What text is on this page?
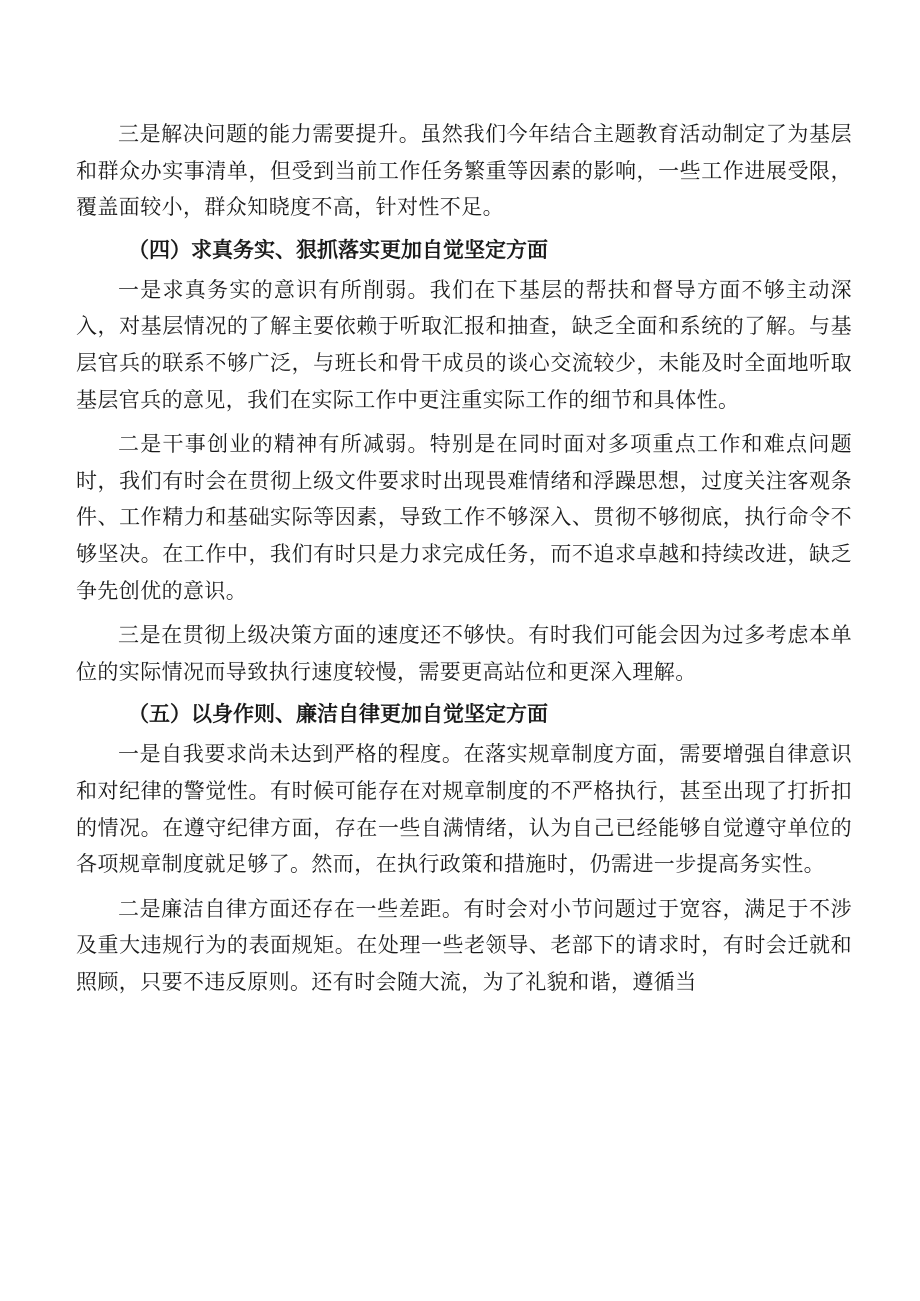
三是解决问题的能力需要提升。虽然我们今年结合主题教育活动制定了为基层和群众办实事清单，但受到当前工作任务繁重等因素的影响，一些工作进展受限，覆盖面较小，群众知晓度不高，针对性不足。

（四）求真务实、狠抓落实更加自觉坚定方面

一是求真务实的意识有所削弱。我们在下基层的帮扶和督导方面不够主动深入，对基层情况的了解主要依赖于听取汇报和抽查，缺乏全面和系统的了解。与基层官兵的联系不够广泛，与班长和骨干成员的谈心交流较少，未能及时全面地听取基层官兵的意见，我们在实际工作中更注重实际工作的细节和具体性。

二是干事创业的精神有所减弱。特别是在同时面对多项重点工作和难点问题时，我们有时会在贯彻上级文件要求时出现畏难情绪和浮躁思想，过度关注客观条件、工作精力和基础实际等因素，导致工作不够深入、贯彻不够彻底，执行命令不够坚决。在工作中，我们有时只是力求完成任务，而不追求卓越和持续改进，缺乏争先创优的意识。

三是在贯彻上级决策方面的速度还不够快。有时我们可能会因为过多考虑本单位的实际情况而导致执行速度较慢，需要更高站位和更深入理解。

（五）以身作则、廉洁自律更加自觉坚定方面

一是自我要求尚未达到严格的程度。在落实规章制度方面，需要增强自律意识和对纪律的警觉性。有时候可能存在对规章制度的不严格执行，甚至出现了打折扣的情况。在遵守纪律方面，存在一些自满情绪，认为自己已经能够自觉遵守单位的各项规章制度就足够了。然而，在执行政策和措施时，仍需进一步提高务实性。

二是廉洁自律方面还存在一些差距。有时会对小节问题过于宽容，满足于不涉及重大违规行为的表面规矩。在处理一些老领导、老部下的请求时，有时会迁就和照顾，只要不违反原则。还有时会随大流，为了礼貌和谐，遵循当
